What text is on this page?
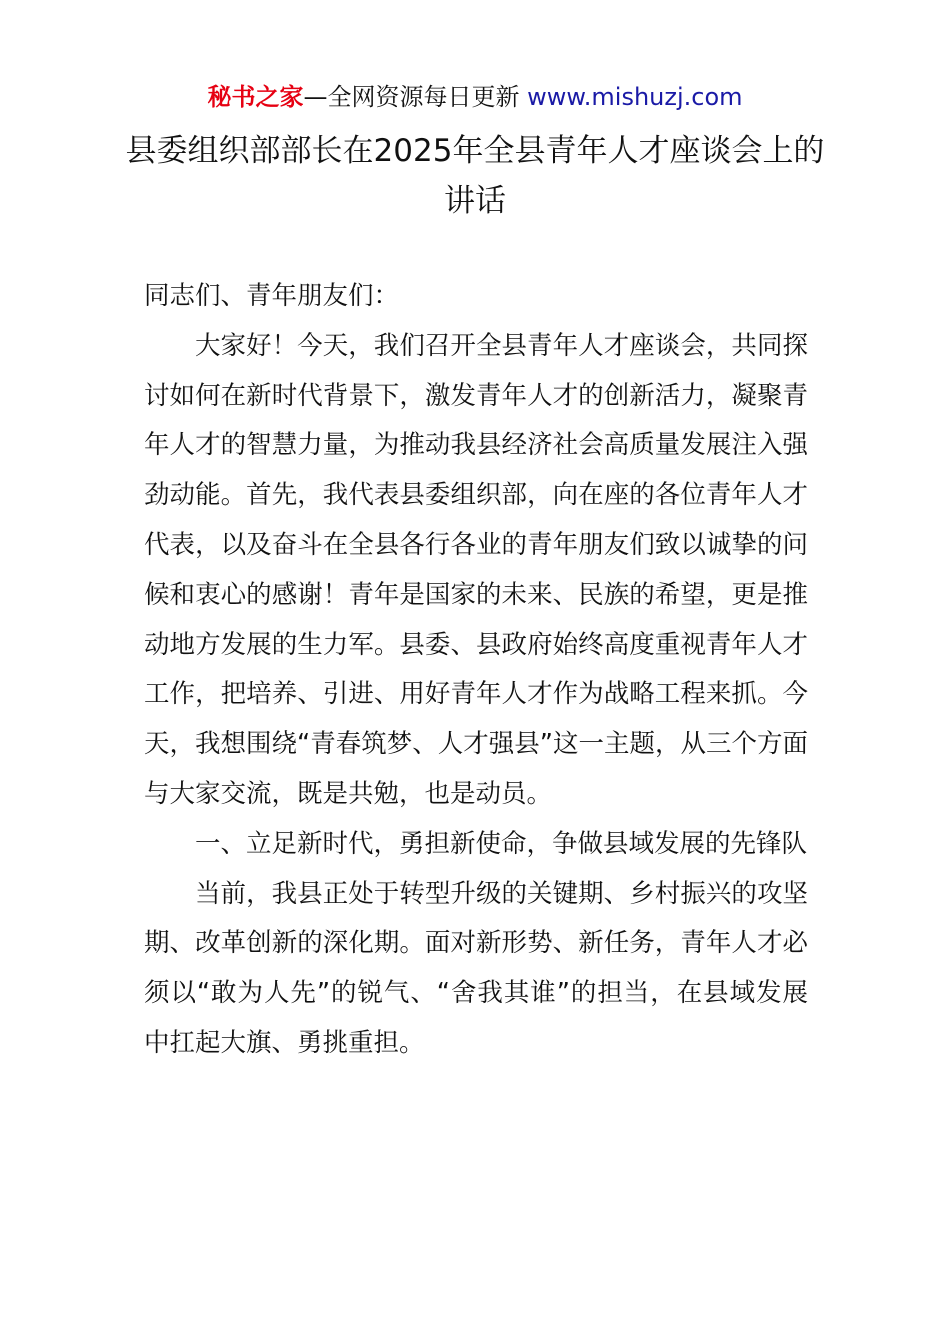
秘书之家—全网资源每日更新 www.mishuzj.com
县委组织部部长在2025年全县青年人才座谈会上的讲话

同志们、青年朋友们：

大家好！今天，我们召开全县青年人才座谈会，共同探讨如何在新时代背景下，激发青年人才的创新活力，凝聚青年人才的智慧力量，为推动我县经济社会高质量发展注入强劲动能。首先，我代表县委组织部，向在座的各位青年人才代表，以及奋斗在全县各行各业的青年朋友们致以诚挚的问候和衷心的感谢！青年是国家的未来、民族的希望，更是推动地方发展的生力军。县委、县政府始终高度重视青年人才工作，把培养、引进、用好青年人才作为战略工程来抓。今天，我想围绕“青春筑梦、人才强县”这一主题，从三个方面与大家交流，既是共勉，也是动员。

一、立足新时代，勇担新使命，争做县域发展的先锋队

当前，我县正处于转型升级的关键期、乡村振兴的攻坚期、改革创新的深化期。面对新形势、新任务，青年人才必须以“敢为人先”的锐气、“舍我其谁”的担当，在县域发展中扛起大旗、勇挑重担。
